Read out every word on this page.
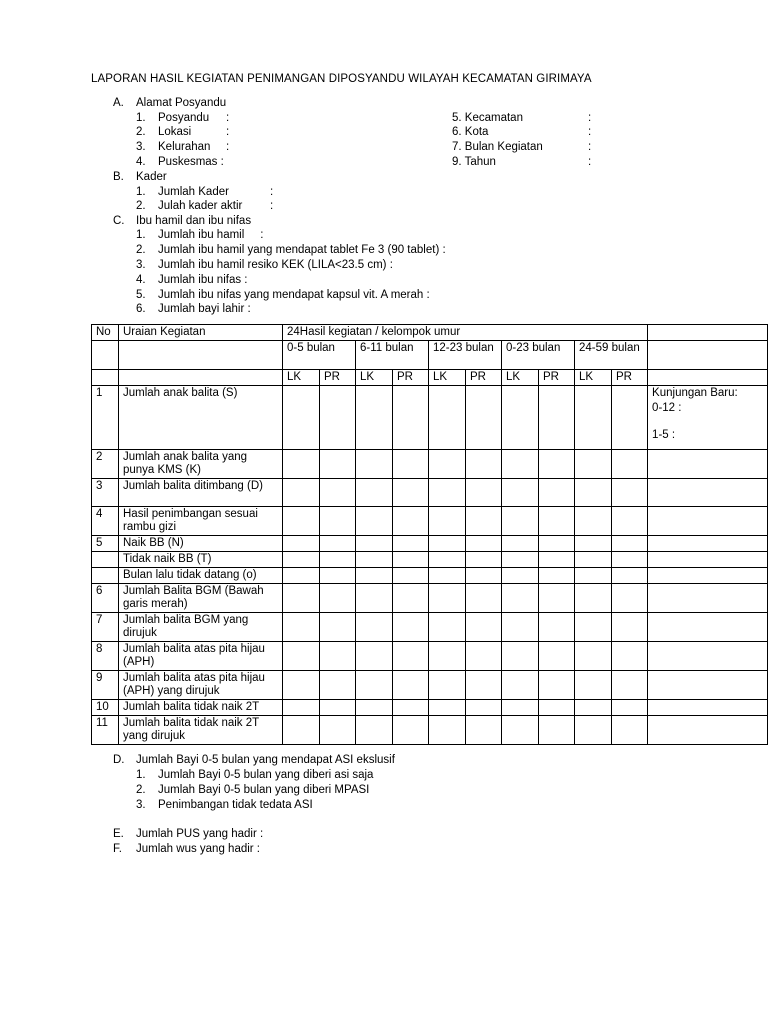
LAPORAN HASIL KEGIATAN PENIMANGAN DIPOSYANDU WILAYAH KECAMATAN GIRIMAYA
A. Alamat Posyandu
1. Posyandu :
2. Lokasi	:
3. Kelurahan :
4. Puskesmas :
5. Kecamatan	:
6. Kota	:
7. Bulan Kegiatan	:
9. Tahun	:
B. Kader
1. Jumlah Kader	:
2. Julah kader aktir :
C. Ibu hamil dan ibu nifas
1. Jumlah ibu hamil     :
2. Jumlah ibu hamil yang mendapat tablet Fe 3 (90 tablet) :
3. Jumlah ibu hamil resiko KEK (LILA<23.5 cm) :
4. Jumlah ibu nifas :
5. Jumlah ibu nifas yang mendapat kapsul vit. A merah :
6. Jumlah bayi lahir :
No	Uraian Kegiatan	24Hasil kegiatan / kelompok umur										
		0-5 bulan		6-11 bulan		12-23 bulan		0-23 bulan		24-59 bulan		
		LK	PR	LK	PR	LK	PR	LK	PR	LK	PR	
1	Jumlah anak balita (S)											Kunjungan Baru:
0-12 :
1-5 :

2	Jumlah anak balita yang punya KMS (K)											
3	Jumlah balita ditimbang (D)											
4	Hasil penimbangan sesuai rambu gizi											
5	Naik BB (N)											
	Tidak naik BB (T)											
	Bulan lalu tidak datang (o)											
6	Jumlah Balita BGM (Bawah garis merah)											
7	Jumlah balita BGM yang dirujuk											
8	Jumlah balita atas pita hijau (APH)											
9	Jumlah balita atas pita hijau (APH) yang dirujuk											
10	Jumlah balita tidak naik 2T											
11	Jumlah balita tidak naik 2T yang dirujuk											
D. Jumlah Bayi 0-5 bulan yang mendapat ASI ekslusif
1. Jumlah Bayi 0-5 bulan yang diberi asi saja
2. Jumlah Bayi 0-5 bulan yang diberi MPASI
3. Penimbangan tidak tedata ASI
E. Jumlah PUS yang hadir :
F. Jumlah wus yang hadir :
